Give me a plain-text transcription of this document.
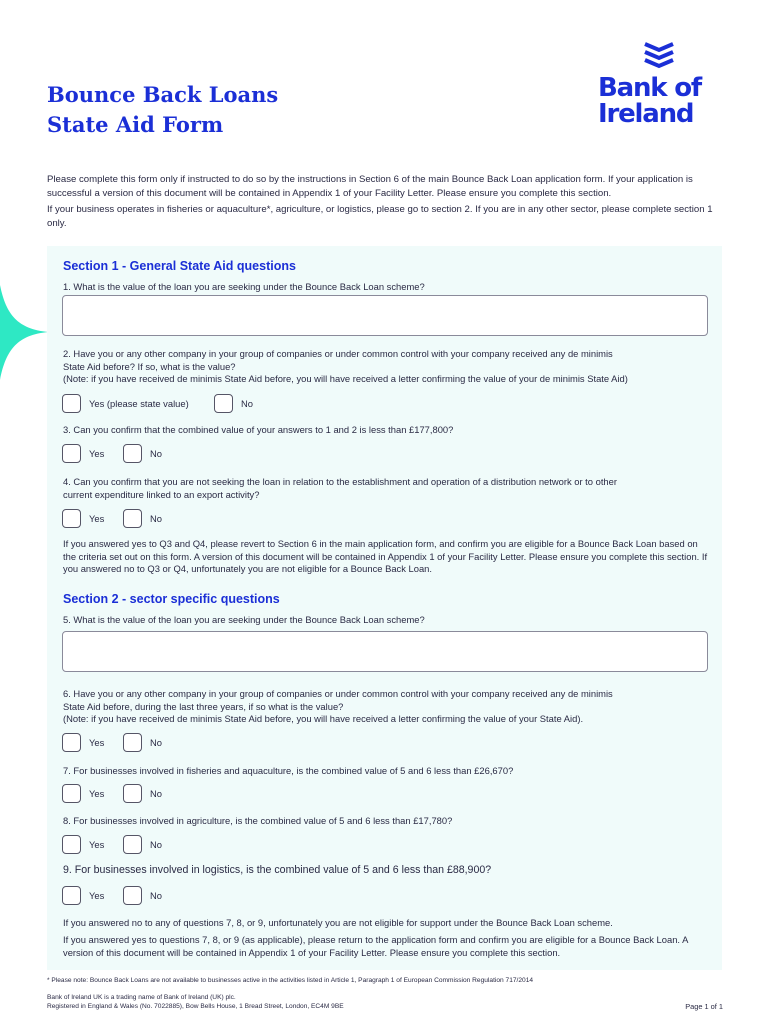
Bounce Back Loans
State Aid Form
Bank of
Ireland

Please complete this form only if instructed to do so by the instructions in Section 6 of the main Bounce Back Loan application form. If your application is successful a version of this document will be contained in Appendix 1 of your Facility Letter. Please ensure you complete this section.

If your business operates in fisheries or aquaculture*, agriculture, or logistics, please go to section 2. If you are in any other sector, please complete section 1 only.

Section 1 - General State Aid questions
1. What is the value of the loan you are seeking under the Bounce Back Loan scheme?
2. Have you or any other company in your group of companies or under common control with your company received any de minimis
State Aid before? If so, what is the value?
(Note: if you have received de minimis State Aid before, you will have received a letter confirming the value of your de minimis State Aid)
Yes (please state value)	No
3. Can you confirm that the combined value of your answers to 1 and 2 is less than £177,800?
Yes	No
4. Can you confirm that you are not seeking the loan in relation to the establishment and operation of a distribution network or to other
current expenditure linked to an export activity?
Yes	No
If you answered yes to Q3 and Q4, please revert to Section 6 in the main application form, and confirm you are eligible for a Bounce Back Loan based on the criteria set out on this form. A version of this document will be contained in Appendix 1 of your Facility Letter. Please ensure you complete this section. If you answered no to Q3 or Q4, unfortunately you are not eligible for a Bounce Back Loan.
Section 2 - sector specific questions
5. What is the value of the loan you are seeking under the Bounce Back Loan scheme?
6. Have you or any other company in your group of companies or under common control with your company received any de minimis
State Aid before, during the last three years, if so what is the value?
(Note: if you have received de minimis State Aid before, you will have received a letter confirming the value of your State Aid).
Yes	No
7. For businesses involved in fisheries and aquaculture, is the combined value of 5 and 6 less than £26,670?
Yes	No
8. For businesses involved in agriculture, is the combined value of 5 and 6 less than £17,780?
Yes	No
9. For businesses involved in logistics, is the combined value of 5 and 6 less than £88,900?
Yes	No
If you answered no to any of questions 7, 8, or 9, unfortunately you are not eligible for support under the Bounce Back Loan scheme.
If you answered yes to questions 7, 8, or 9 (as applicable), please return to the application form and confirm you are eligible for a Bounce Back Loan. A version of this document will be contained in Appendix 1 of your Facility Letter. Please ensure you complete this section.
* Please note: Bounce Back Loans are not available to businesses active in the activities listed in Article 1, Paragraph 1 of European Commission Regulation 717/2014
Bank of Ireland UK is a trading name of Bank of Ireland (UK) plc.
Registered in England & Wales (No. 7022885), Bow Bells House, 1 Bread Street, London, EC4M 9BE	Page 1 of 1
